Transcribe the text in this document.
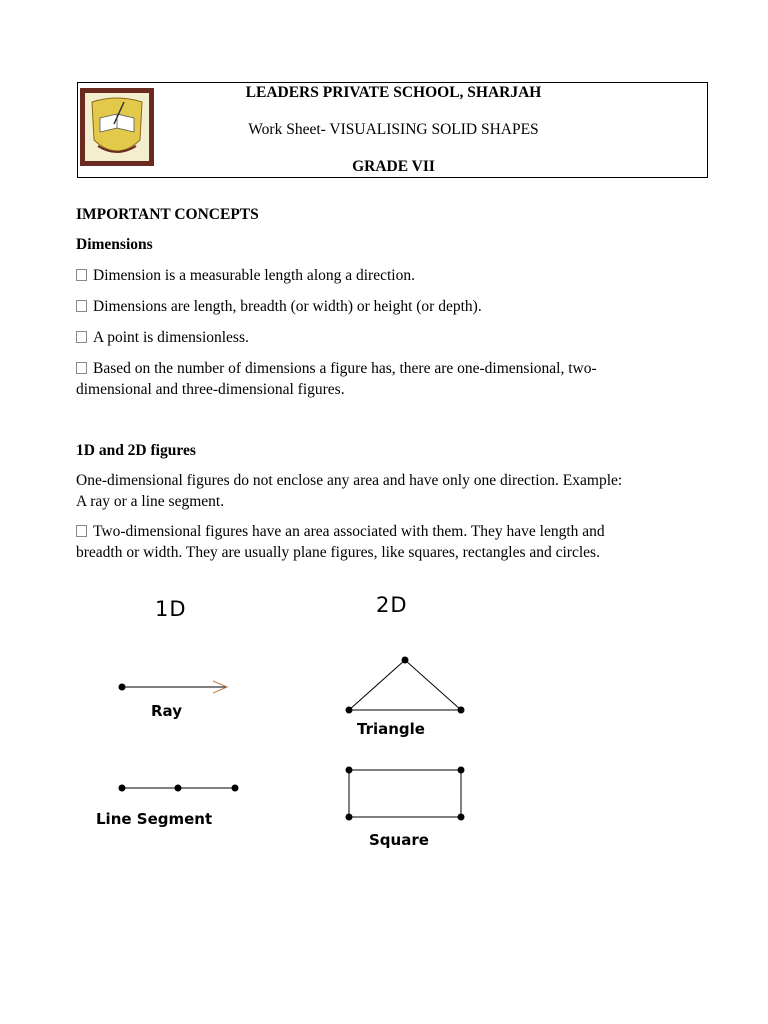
LEADERS PRIVATE SCHOOL, SHARJAH
Work Sheet- VISUALISING SOLID SHAPES
GRADE VII
IMPORTANT CONCEPTS
Dimensions
Dimension is a measurable length along a direction.
Dimensions are length, breadth (or width) or height (or depth).
A point is dimensionless.
Based on the number of dimensions a figure has, there are one-dimensional, two-
dimensional and three-dimensional figures.
1D and 2D figures
One-dimensional figures do not enclose any area and have only one direction. Example:
A ray or a line segment.
Two-dimensional figures have an area associated with them. They have length and
breadth or width. They are usually plane figures, like squares, rectangles and circles.
1D	2D
Ray
Line Segment
Triangle
Square
